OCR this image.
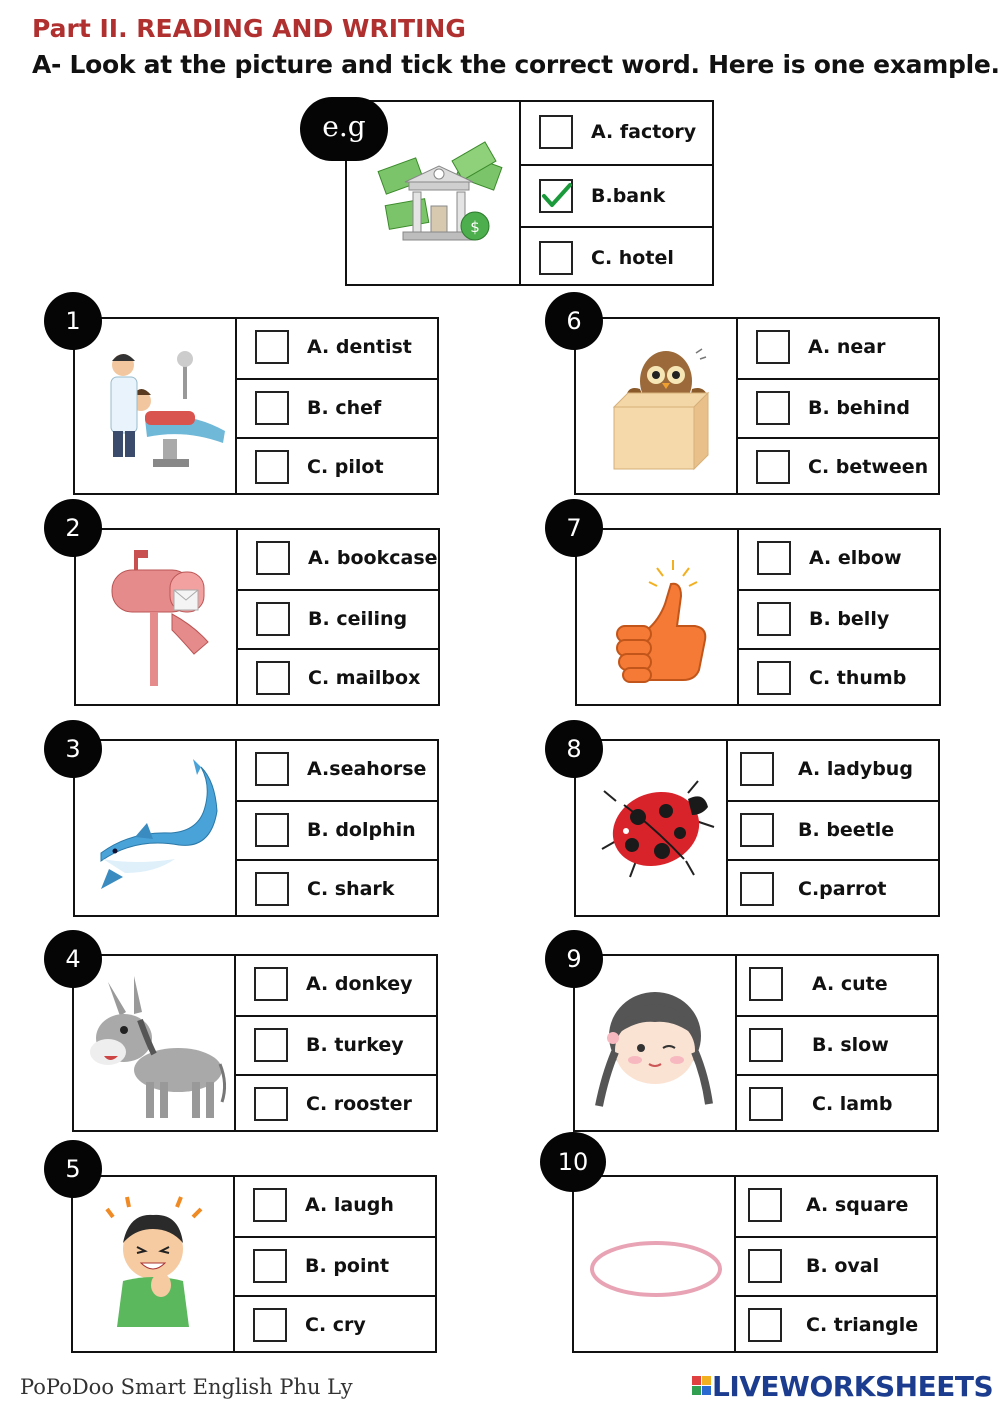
Part II. READING AND WRITING
A- Look at the picture and tick the correct word. Here is one example.
$
A. factory
B.bank
C. hotel
e.g
A. dentist
B. chef
C. pilot
1
A. bookcase
B. ceiling
C. mailbox
2
A.seahorse
B. dolphin
C. shark
3
A. donkey
B. turkey
C. rooster
4
A. laugh
B. point
C. cry
5
A. near
B. behind
C. between
6
A. elbow
B. belly
C. thumb
7
A. ladybug
B. beetle
C.parrot
8
A. cute
B. slow
C. lamb
9
A. square
B. oval
C. triangle
10
PoPoDoo Smart English Phu Ly	LIVEWORKSHEETS
